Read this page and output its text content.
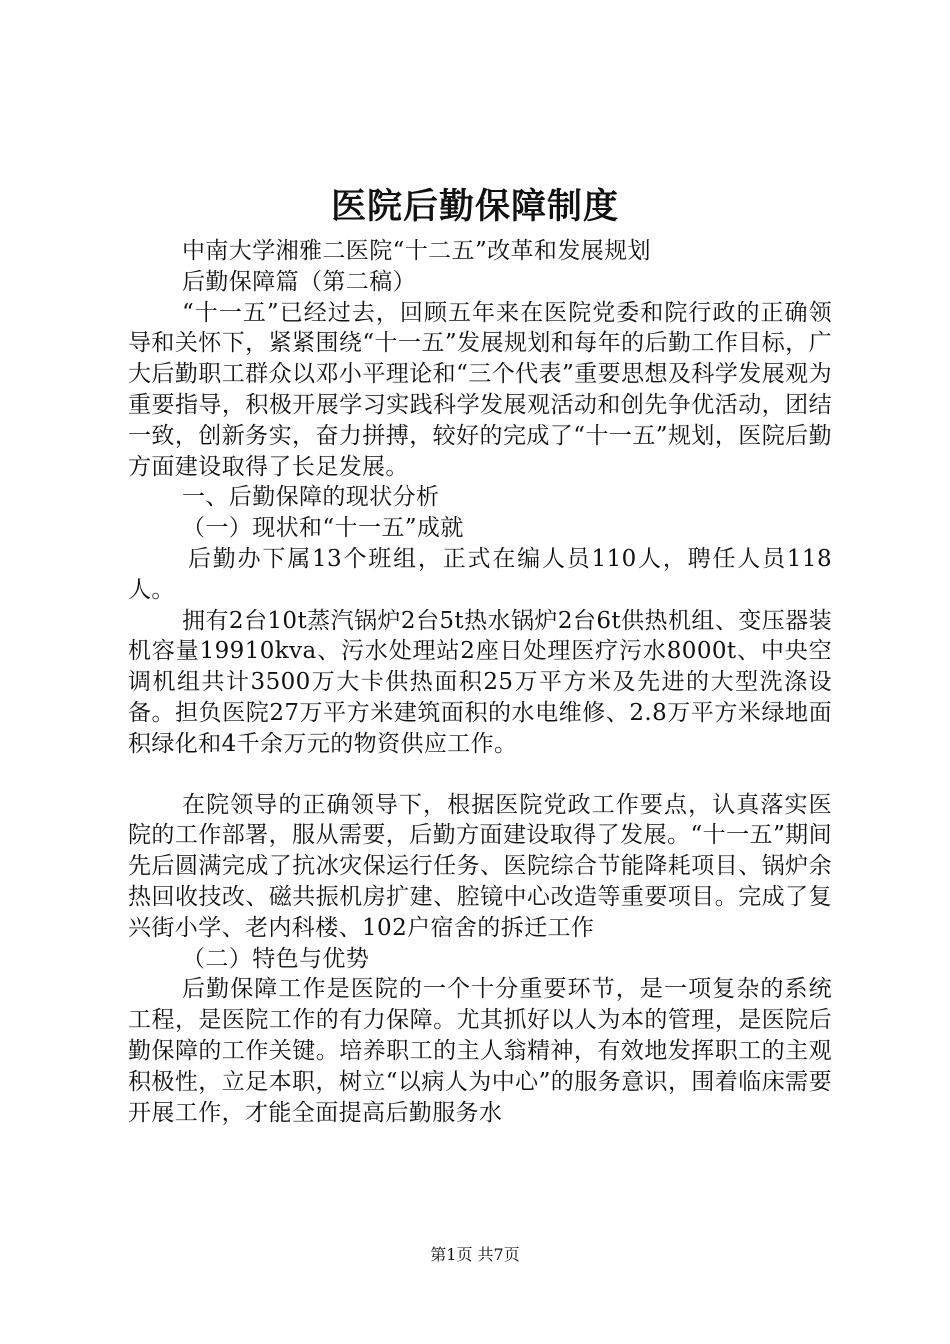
医院后勤保障制度

中南大学湘雅二医院“十二五”改革和发展规划

后勤保障篇（第二稿）

“十一五”已经过去，回顾五年来在医院党委和院行政的正确领导和关怀下，紧紧围绕“十一五”发展规划和每年的后勤工作目标，广大后勤职工群众以邓小平理论和“三个代表”重要思想及科学发展观为重要指导，积极开展学习实践科学发展观活动和创先争优活动，团结一致，创新务实，奋力拼搏，较好的完成了“十一五”规划，医院后勤方面建设取得了长足发展。

一、后勤保障的现状分析

（一）现状和“十一五”成就

后勤办下属13个班组，正式在编人员110人，聘任人员118人。

拥有2台10t蒸汽锅炉2台5t热水锅炉2台6t供热机组、变压器装机容量19910kva、污水处理站2座日处理医疗污水8000t、中央空调机组共计3500万大卡供热面积25万平方米及先进的大型洗涤设备。担负医院27万平方米建筑面积的水电维修、2.8万平方米绿地面积绿化和4千余万元的物资供应工作。

在院领导的正确领导下，根据医院党政工作要点，认真落实医院的工作部署，服从需要，后勤方面建设取得了发展。“十一五”期间先后圆满完成了抗冰灾保运行任务、医院综合节能降耗项目、锅炉余热回收技改、磁共振机房扩建、腔镜中心改造等重要项目。完成了复兴街小学、老内科楼、102户宿舍的拆迁工作

（二）特色与优势

后勤保障工作是医院的一个十分重要环节，是一项复杂的系统工程，是医院工作的有力保障。尤其抓好以人为本的管理，是医院后勤保障的工作关键。培养职工的主人翁精神，有效地发挥职工的主观积极性，立足本职，树立“以病人为中心”的服务意识，围着临床需要开展工作，才能全面提高后勤服务水

第1页 共7页
